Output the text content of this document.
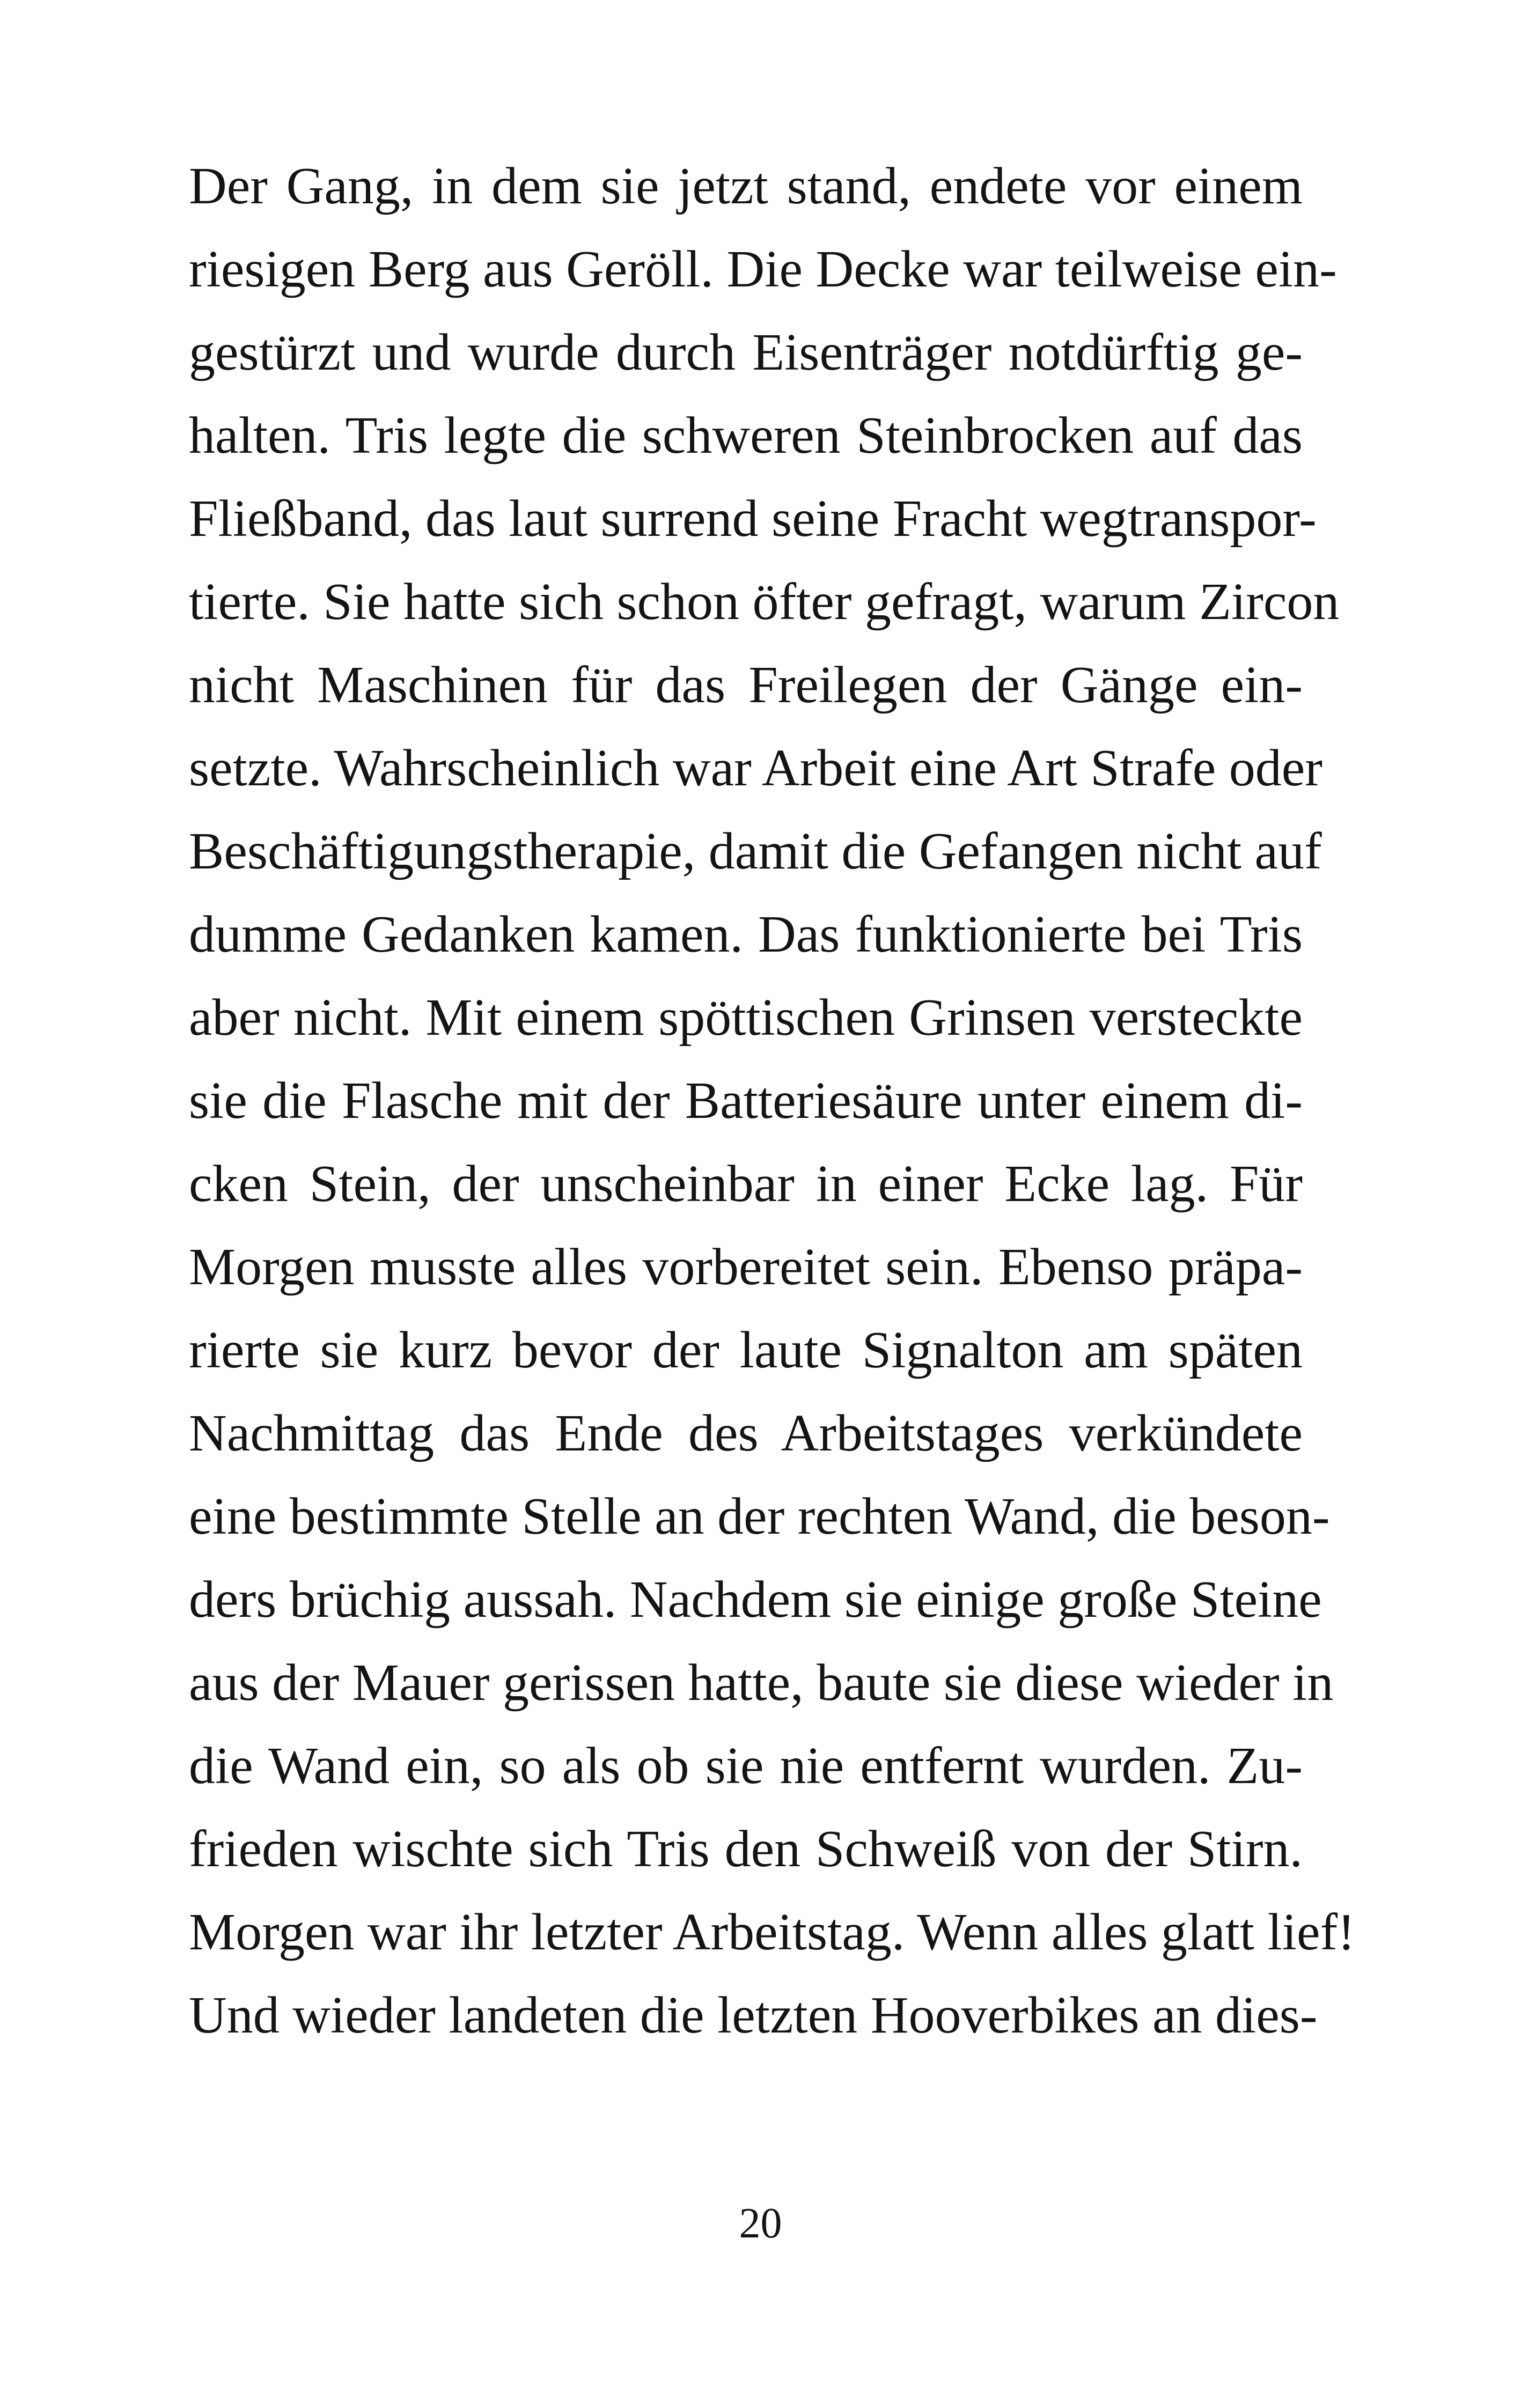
Der Gang, in dem sie jetzt stand, endete vor einem
riesigen Berg aus Geröll. Die Decke war teilweise ein-
gestürzt und wurde durch Eisenträger notdürftig ge-
halten. Tris legte die schweren Steinbrocken auf das
Fließband, das laut surrend seine Fracht wegtranspor-
tierte. Sie hatte sich schon öfter gefragt, warum Zircon
nicht Maschinen für das Freilegen der Gänge ein-
setzte. Wahrscheinlich war Arbeit eine Art Strafe oder
Beschäftigungstherapie, damit die Gefangen nicht auf
dumme Gedanken kamen. Das funktionierte bei Tris
aber nicht. Mit einem spöttischen Grinsen versteckte
sie die Flasche mit der Batteriesäure unter einem di-
cken Stein, der unscheinbar in einer Ecke lag. Für
Morgen musste alles vorbereitet sein. Ebenso präpa-
rierte sie kurz bevor der laute Signalton am späten
Nachmittag das Ende des Arbeitstages verkündete
eine bestimmte Stelle an der rechten Wand, die beson-
ders brüchig aussah. Nachdem sie einige große Steine
aus der Mauer gerissen hatte, baute sie diese wieder in
die Wand ein, so als ob sie nie entfernt wurden. Zu-
frieden wischte sich Tris den Schweiß von der Stirn.
Morgen war ihr letzter Arbeitstag. Wenn alles glatt lief!
Und wieder landeten die letzten Hooverbikes an dies-
20
